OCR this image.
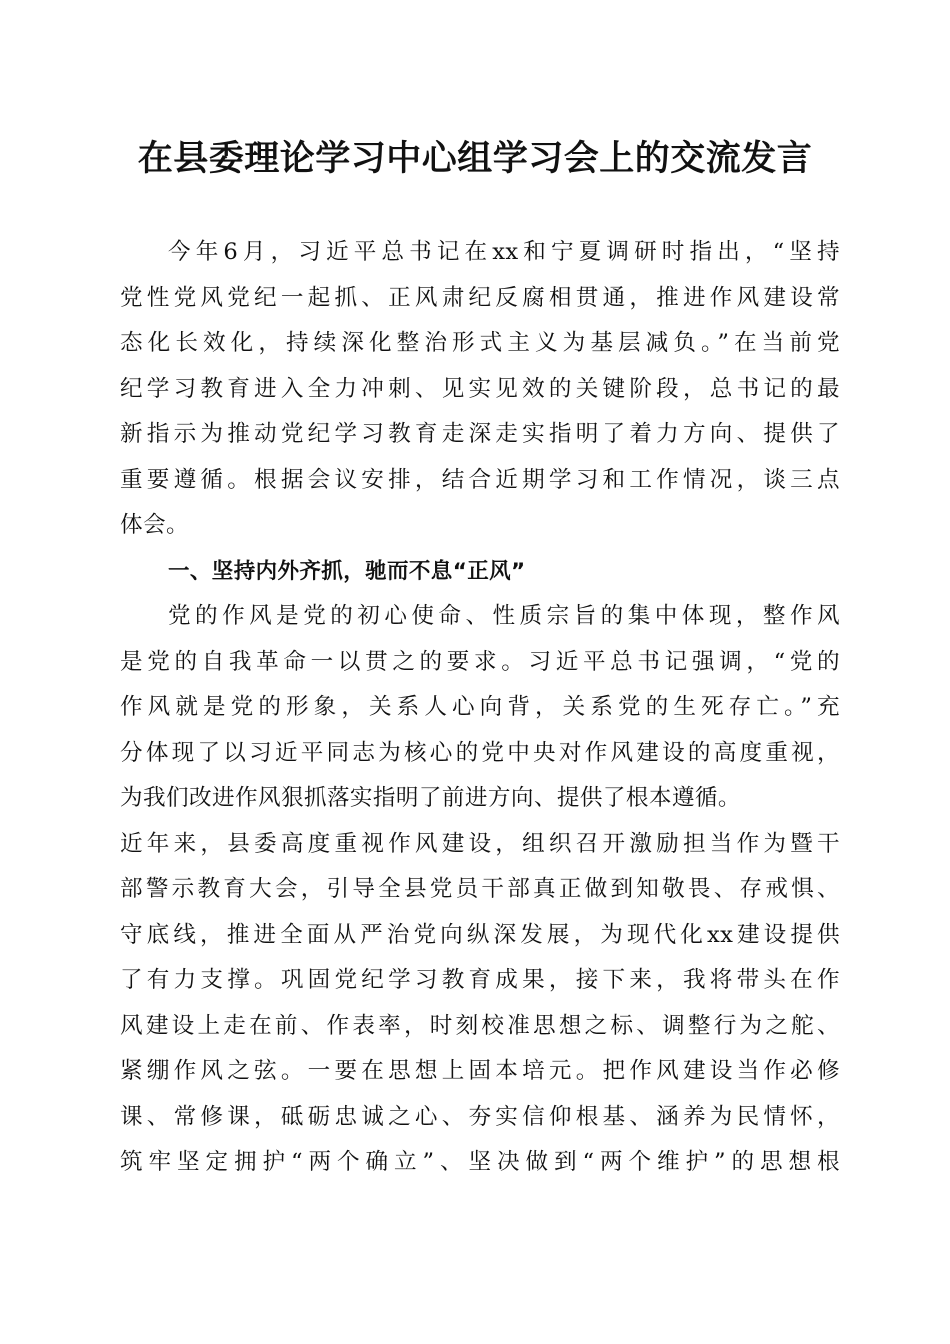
在县委理论学习中心组学习会上的交流发言
今年6月，习近平总书记在xx和宁夏调研时指出，“坚持
党性党风党纪一起抓、正风肃纪反腐相贯通，推进作风建设常
态化长效化，持续深化整治形式主义为基层减负。”在当前党
纪学习教育进入全力冲刺、见实见效的关键阶段，总书记的最
新指示为推动党纪学习教育走深走实指明了着力方向、提供了
重要遵循。根据会议安排，结合近期学习和工作情况，谈三点
体会。
一、坚持内外齐抓，驰而不息“正风”
党的作风是党的初心使命、性质宗旨的集中体现，整作风
是党的自我革命一以贯之的要求。习近平总书记强调，“党的
作风就是党的形象，关系人心向背，关系党的生死存亡。”充
分体现了以习近平同志为核心的党中央对作风建设的高度重视，
为我们改进作风狠抓落实指明了前进方向、提供了根本遵循。
近年来，县委高度重视作风建设，组织召开激励担当作为暨干
部警示教育大会，引导全县党员干部真正做到知敬畏、存戒惧、
守底线，推进全面从严治党向纵深发展，为现代化xx建设提供
了有力支撑。巩固党纪学习教育成果，接下来，我将带头在作
风建设上走在前、作表率，时刻校准思想之标、调整行为之舵、
紧绷作风之弦。一要在思想上固本培元。把作风建设当作必修
课、常修课，砥砺忠诚之心、夯实信仰根基、涵养为民情怀，
筑牢坚定拥护“两个确立”、坚决做到“两个维护”的思想根
